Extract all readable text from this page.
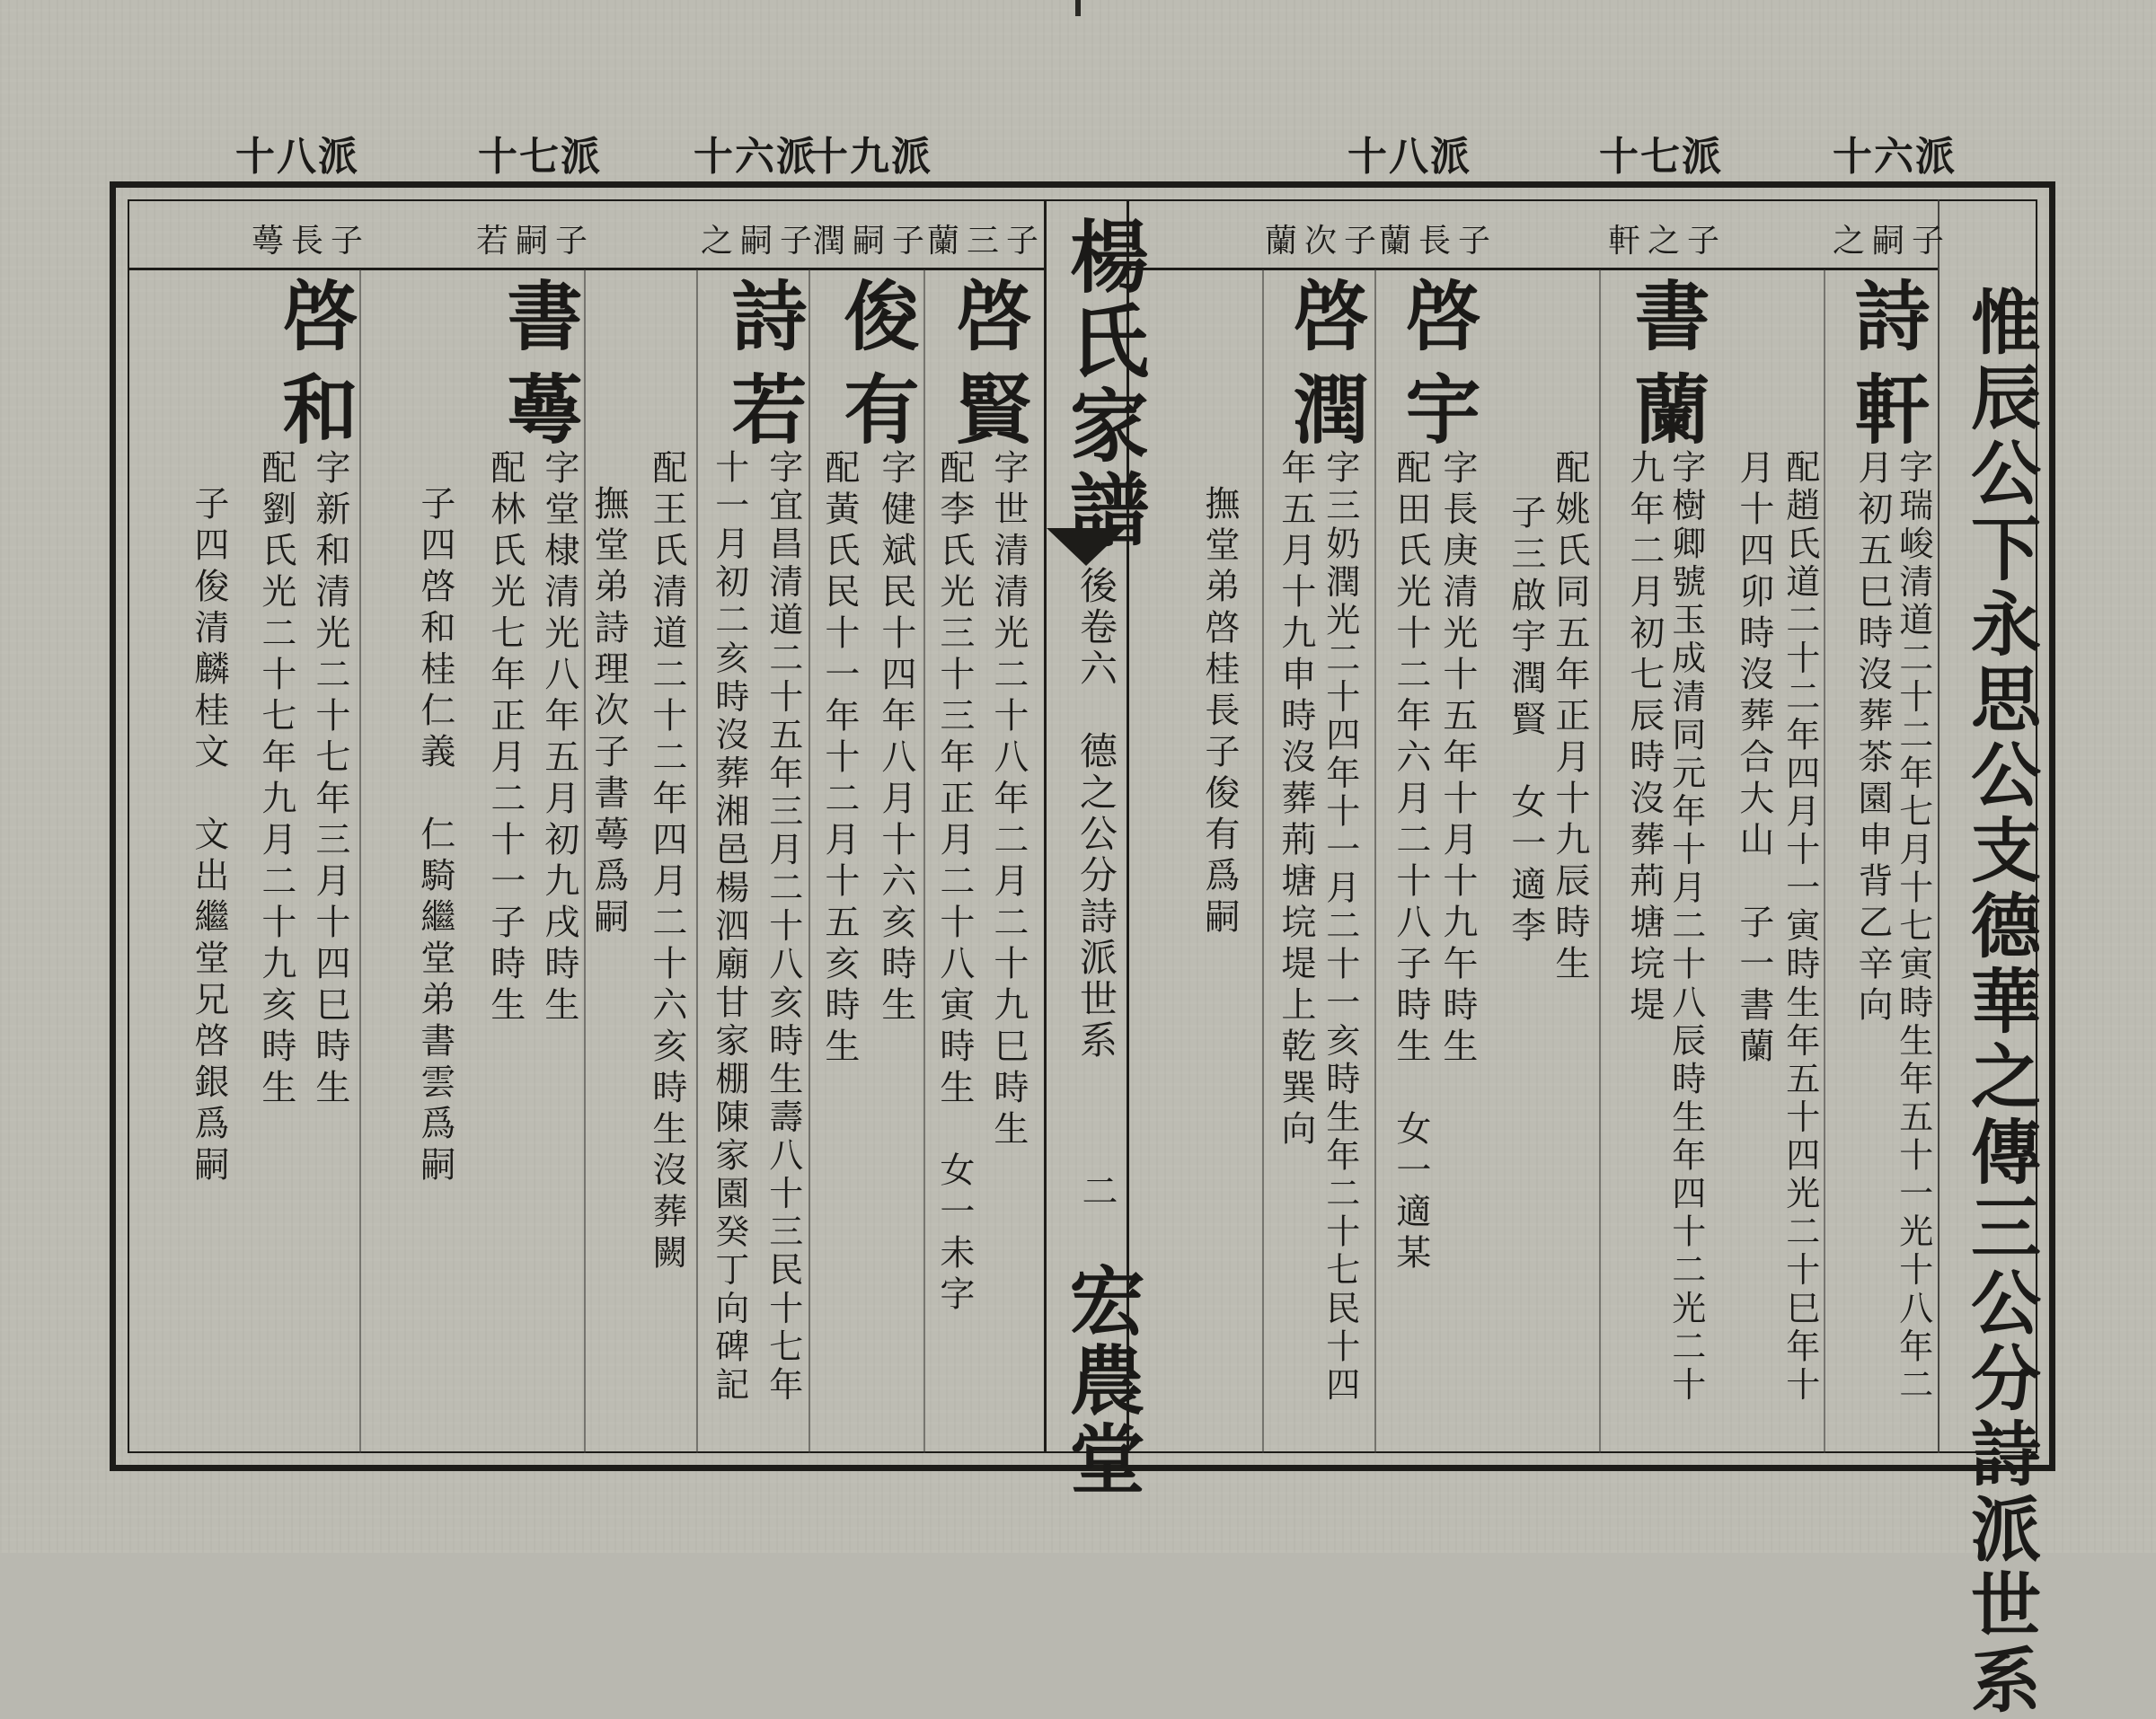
十八派	十七派 十六派
十九派	十八派	十七派	十六派
楊氏家譜
後卷六　德之公分詩派世系
二
宏農堂	惟辰公下永思公支德華之傳三公分詩派世系
之嗣子
詩軒
字瑞峻清道二十二年七月十七寅時生年五十一光十八年二
月初五巳時沒葬茶園申背乙辛向
配趙氏道二十二年四月十一寅時生年五十四光二十巳年十
月十四卯時沒葬合大山　子一書蘭
軒之子
書蘭
字樹卿號玉成清同元年十月二十八辰時生年四十二光二十
九年二月初七辰時沒葬荊塘垸堤
配姚氏同五年正月十九辰時生
子三啟宇潤賢　女一適李
蘭長子
啓宇
字長庚清光十五年十月十九午時生
配田氏光十二年六月二十八子時生　女一適某
蘭次子
啓潤
字三奶潤光二十四年十一月二十一亥時生年二十七民十四
年五月十九申時沒葬荊塘垸堤上乾巽向
撫堂弟啓桂長子俊有爲嗣
蘭三子
啓賢
字世清清光二十八年二月二十九巳時生
配李氏光三十三年正月二十八寅時生　女一未字
潤嗣子
俊有
字健斌民十四年八月十六亥時生
配黃氏民十一年十二月十五亥時生
之嗣子
詩若
字宜昌清道二十五年三月二十八亥時生壽八十三民十七年
十一月初二亥時沒葬湘邑楊泗廟甘家棚陳家園癸丁向碑記
配王氏清道二十二年四月二十六亥時生沒葬闕
撫堂弟詩理次子書蕚爲嗣
若嗣子
書蕚
字堂棣清光八年五月初九戌時生
配林氏光七年正月二十一子時生
子四啓和桂仁義　仁騎繼堂弟書雲爲嗣
蕚長子
啓和
字新和清光二十七年三月十四巳時生
配劉氏光二十七年九月二十九亥時生
子四俊清麟桂文　文出繼堂兄啓銀爲嗣
